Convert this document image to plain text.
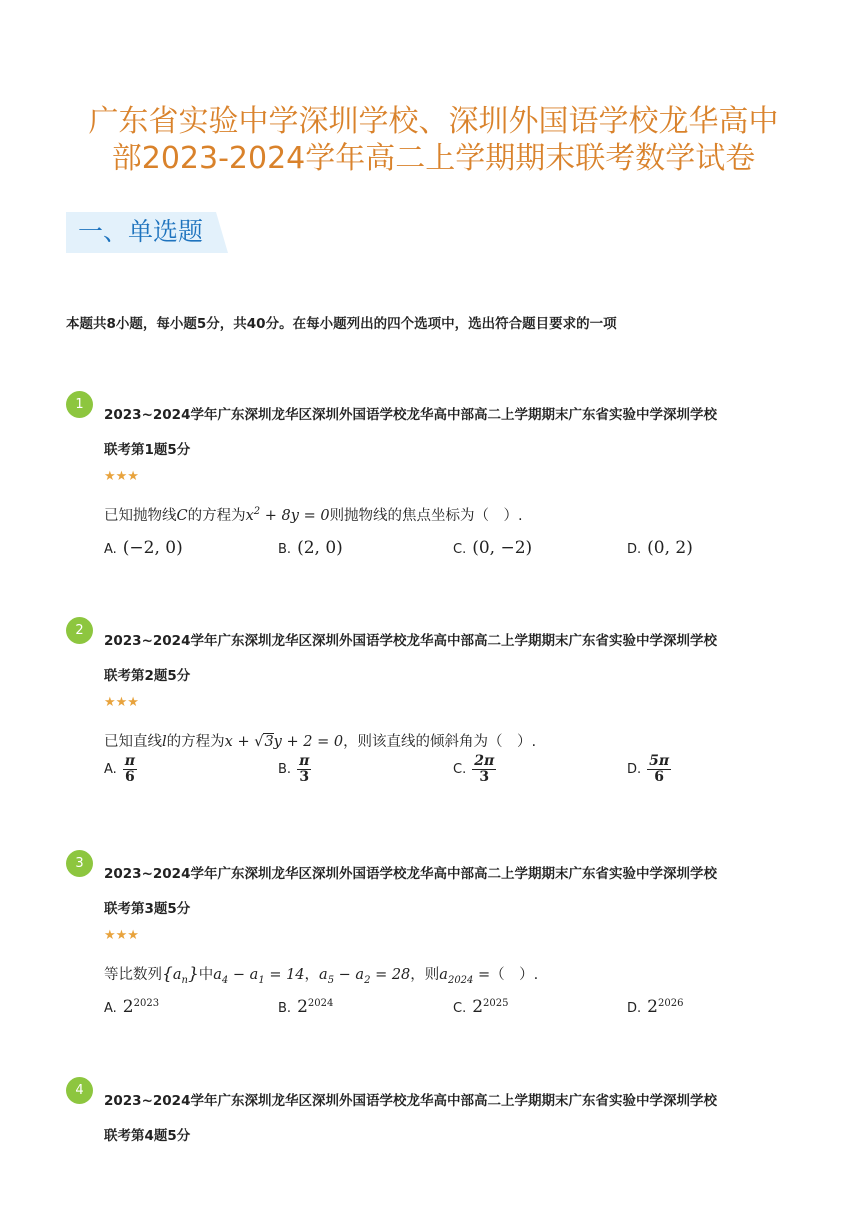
广东省实验中学深圳学校、深圳外国语学校龙华高中
部2023-2024学年高二上学期期末联考数学试卷
一、单选题
本题共8小题，每小题5分，共40分。在每小题列出的四个选项中，选出符合题目要求的一项
1
2023~2024学年广东深圳龙华区深圳外国语学校龙华高中部高二上学期期末广东省实验中学深圳学校
联考第1题5分
★★★
已知抛物线C的方程为$x^2 + 8y = 0$则抛物线的焦点坐标为（　）.
A. (−2, 0)	B. (2, 0)	C. (0, −2)	D. (0, 2)
2
2023~2024学年广东深圳龙华区深圳外国语学校龙华高中部高二上学期期末广东省实验中学深圳学校
联考第2题5分
★★★
已知直线l的方程为x + √3y + 2 = 0，则该直线的倾斜角为（　）.
A. $\frac{\pi}{6}$	B. $\frac{\pi}{3}$	C. $\frac{2\pi}{3}$	D. $\frac{5\pi}{6}$
3
2023~2024学年广东深圳龙华区深圳外国语学校龙华高中部高二上学期期末广东省实验中学深圳学校
联考第3题5分
★★★
等比数列$\{a_n\}$中$a_4 - a_1 = 14$，$a_5 - a_2 = 28$，则$a_{2024}$ =（　）.
A. $2^{2023}$	B. $2^{2024}$	C. $2^{2025}$	D. $2^{2026}$
4
2023~2024学年广东深圳龙华区深圳外国语学校龙华高中部高二上学期期末广东省实验中学深圳学校
联考第4题5分
